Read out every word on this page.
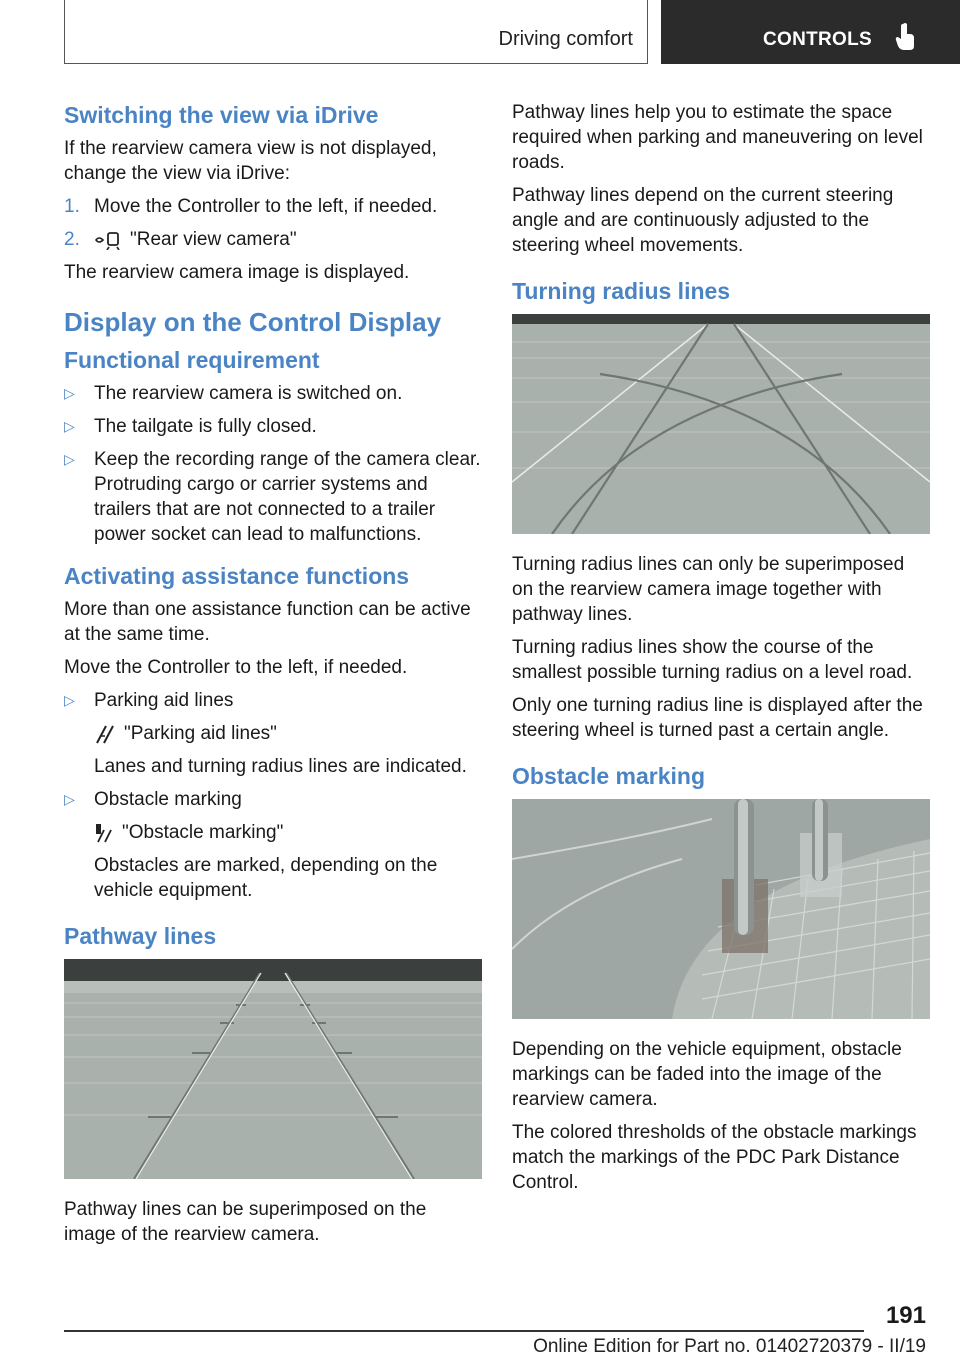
Driving comfort	CONTROLS
Switching the view via iDrive

If the rearview camera view is not displayed, change the view via iDrive:

1. Move the Controller to the left, if needed.
2.	"Rear view camera"

The rearview camera image is displayed.

Display on the Control Display
Functional requirement
▷ The rearview camera is switched on.
▷ The tailgate is fully closed.
▷ Keep the recording range of the camera clear. Protruding cargo or carrier systems and trailers that are not connected to a trailer power socket can lead to malfunctions.
Activating assistance functions

More than one assistance function can be active at the same time.

Move the Controller to the left, if needed.

▷ Parking aid lines
"Parking aid lines"
Lanes and turning radius lines are indicated.
▷ Obstacle marking
"Obstacle marking"
Obstacles are marked, depending on the vehicle equipment.
Pathway lines

Pathway lines can be superimposed on the image of the rearview camera.

Pathway lines help you to estimate the space required when parking and maneuvering on level roads.

Pathway lines depend on the current steering angle and are continuously adjusted to the steering wheel movements.

Turning radius lines

Turning radius lines can only be superimposed on the rearview camera image together with pathway lines.

Turning radius lines show the course of the smallest possible turning radius on a level road.

Only one turning radius line is displayed after the steering wheel is turned past a certain angle.

Obstacle marking

Depending on the vehicle equipment, obstacle markings can be faded into the image of the rearview camera.

The colored thresholds of the obstacle markings match the markings of the PDC Park Distance Control.

191
Online Edition for Part no. 01402720379 - II/19
